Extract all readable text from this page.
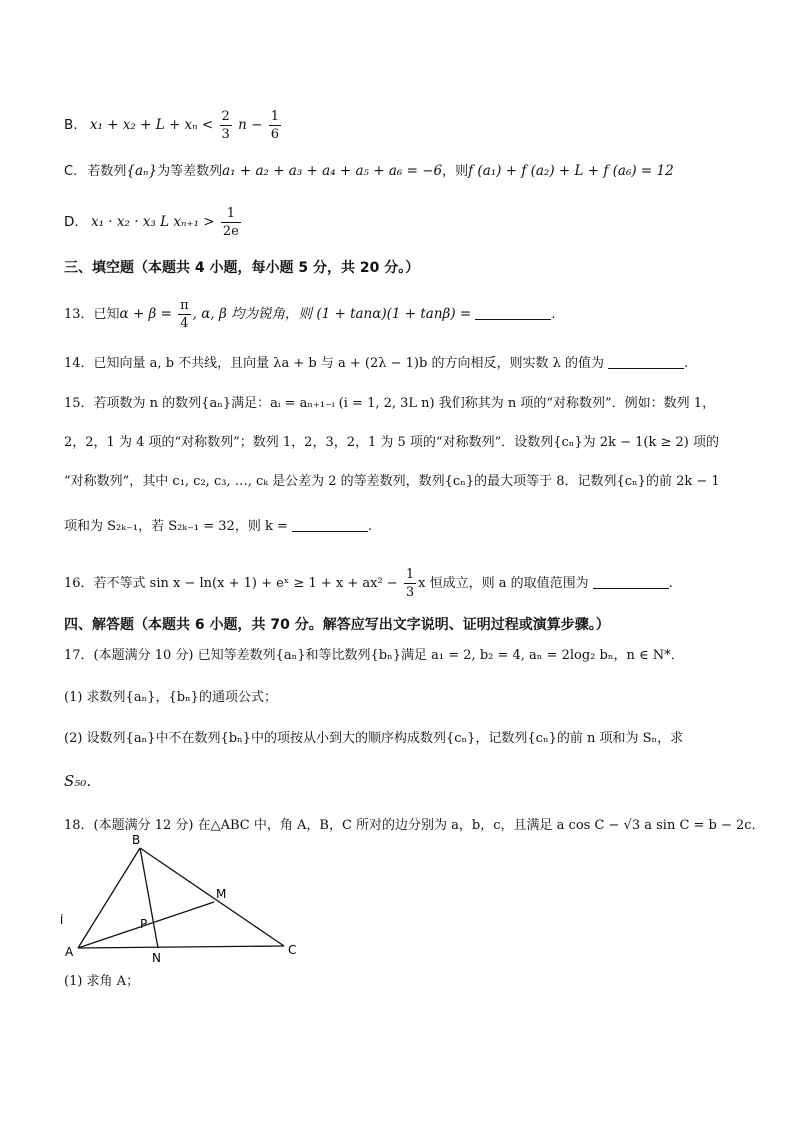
B. $x_1 + x_2 + L + x_n < \frac{2}{3}$ $n - \frac{1}{6}$
C. 若数列{aₙ}为等差数列a₁ + a₂ + a₃ + a₄ + a₅ + a₆ = −6，则f (a₁) + f (a₂) + L + f (a₆) = 12
D. x₁ · x₂ · x₃ L $x_{n+1} > \frac{1}{2e}$
三、填空题（本题共 4 小题，每小题 5 分，共 20 分。）
13．已知$\alpha + \beta = \frac{\pi}{4}$ , α, β 均为锐角，则 (1 + tanα)(1 + tanβ) =	.
14．已知向量 a, b 不共线，且向量 λa + b 与 a + (2λ − 1)b 的方向相反，则实数 λ 的值为	.
15．若项数为 n 的数列{aₙ}满足：aᵢ = aₙ₊₁₋ᵢ (i = 1, 2, 3L n) 我们称其为 n 项的“对称数列”．例如：数列 1，
2，2，1 为 4 项的“对称数列”；数列 1，2，3，2，1 为 5 项的“对称数列”．设数列{cₙ}为 2k − 1(k ≥ 2) 项的
“对称数列”，其中 c₁, c₂, c₃, …, cₖ 是公差为 2 的等差数列，数列{cₙ}的最大项等于 8．记数列{cₙ}的前 2k − 1
项和为 S₂ₖ₋₁，若 S₂ₖ₋₁ = 32，则 k =	.
16．若不等式 sin x − ln(x + 1) + eˣ ≥ $1 + x + ax^2 - \frac{1}{3}$ x 恒成立，则 a 的取值范围为	.
四、解答题（本题共 6 小题，共 70 分。解答应写出文字说明、证明过程或演算步骤。）
17．(本题满分 10 分) 已知等差数列{aₙ}和等比数列{bₙ}满足 a₁ = 2, b₂ = 4, aₙ = 2log₂ bₙ，n ∈ N*．
(1) 求数列{aₙ}，{bₙ}的通项公式；
(2) 设数列{aₙ}中不在数列{bₙ}中的项按从小到大的顺序构成数列{cₙ}，记数列{cₙ}的前 n 项和为 Sₙ，求
S₅₀．
18．(本题满分 12 分) 在△ABC 中，角 A，B，C 所对的边分别为 a，b，c，且满足 a cos C − √3 a sin C = b − 2c．
B
M
P
A	N
C
Í
(1) 求角 A；
